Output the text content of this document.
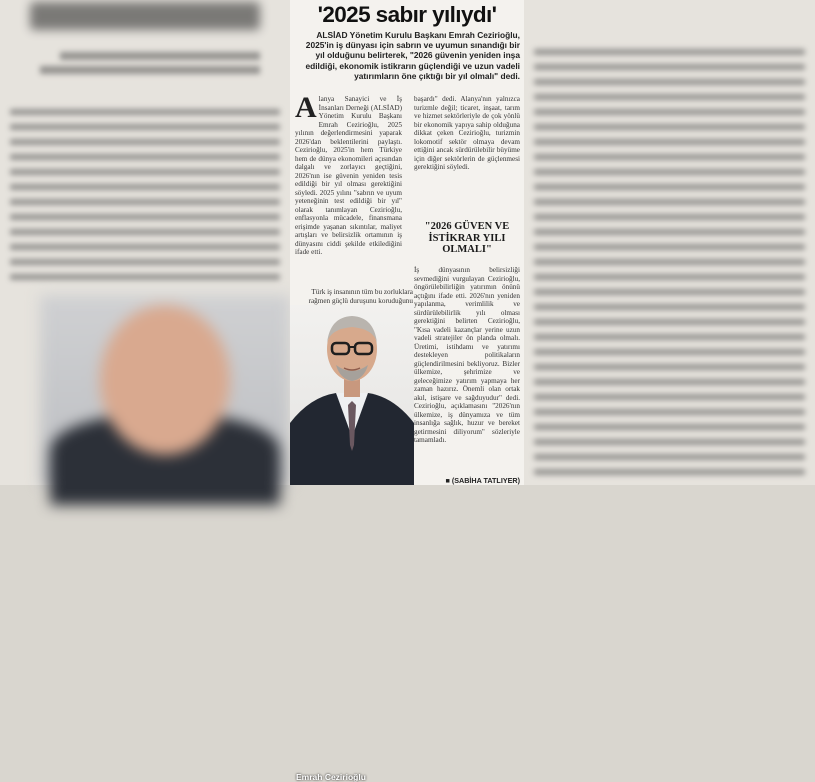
'2025 sabır yılıydı'

ALSİAD Yönetim Kurulu Başkanı Emrah Cezirioğlu, 2025'in iş dünyası için sabrın ve uyumun sınandığı bir yıl olduğunu belirterek, "2026 güvenin yeniden inşa edildiği, ekonomik istikrarın güçlendiği ve uzun vadeli yatırımların öne çıktığı bir yıl olmalı" dedi.

Alanya Sanayici ve İş İnsanları Derneği (ALSİAD) Yönetim Kurulu Başkanı Emrah Cezirioğlu, 2025 yılının değerlendirmesini yaparak 2026'dan beklentilerini paylaştı. Cezirioğlu, 2025'in hem Türkiye hem de dünya ekonomileri açısından dalgalı ve zorlayıcı geçtiğini, 2026'nın ise güvenin yeniden tesis edildiği bir yıl olması gerektiğini söyledi. 2025 yılını "sabrın ve uyum yeteneğinin test edildiği bir yıl" olarak tanımlayan Cezirioğlu, enflasyonla mücadele, finansmana erişimde yaşanan sıkıntılar, maliyet artışları ve belirsizlik ortamının iş dünyasını ciddi şekilde etkilediğini ifade etti.
Türk iş insanının tüm bu zorluklara rağmen güçlü duruşunu koruduğunu
Emrah Cezirioğlu
başardı" dedi. Alanya'nın yalnızca turizmle değil; ticaret, inşaat, tarım ve hizmet sektörleriyle de çok yönlü bir ekonomik yapıya sahip olduğuna dikkat çeken Cezirioğlu, turizmin lokomotif sektör olmaya devam ettiğini ancak sürdürülebilir büyüme için diğer sektörlerin de güçlenmesi gerektiğini söyledi.
"2026 GÜVEN VE İSTİKRAR YILI OLMALI"
İş dünyasının belirsizliği sevmediğini vurgulayan Cezirioğlu, öngörülebilirliğin yatırımın önünü açtığını ifade etti. 2026'nın yeniden yapılanma, verimlilik ve sürdürülebilirlik yılı olması gerektiğini belirten Cezirioğlu, "Kısa vadeli kazançlar yerine uzun vadeli stratejiler ön planda olmalı. Üretimi, istihdamı ve yatırımı destekleyen politikaların güçlendirilmesini bekliyoruz. Bizler ülkemize, şehrimize ve geleceğimize yatırım yapmaya her zaman hazırız. Önemli olan ortak akıl, istişare ve sağduyudur" dedi. Cezirioğlu, açıklamasını "2026'nın ülkemize, iş dünyamıza ve tüm insanlığa sağlık, huzur ve bereket getirmesini diliyorum" sözleriyle tamamladı.
■ (SABİHA TATLIYER)
